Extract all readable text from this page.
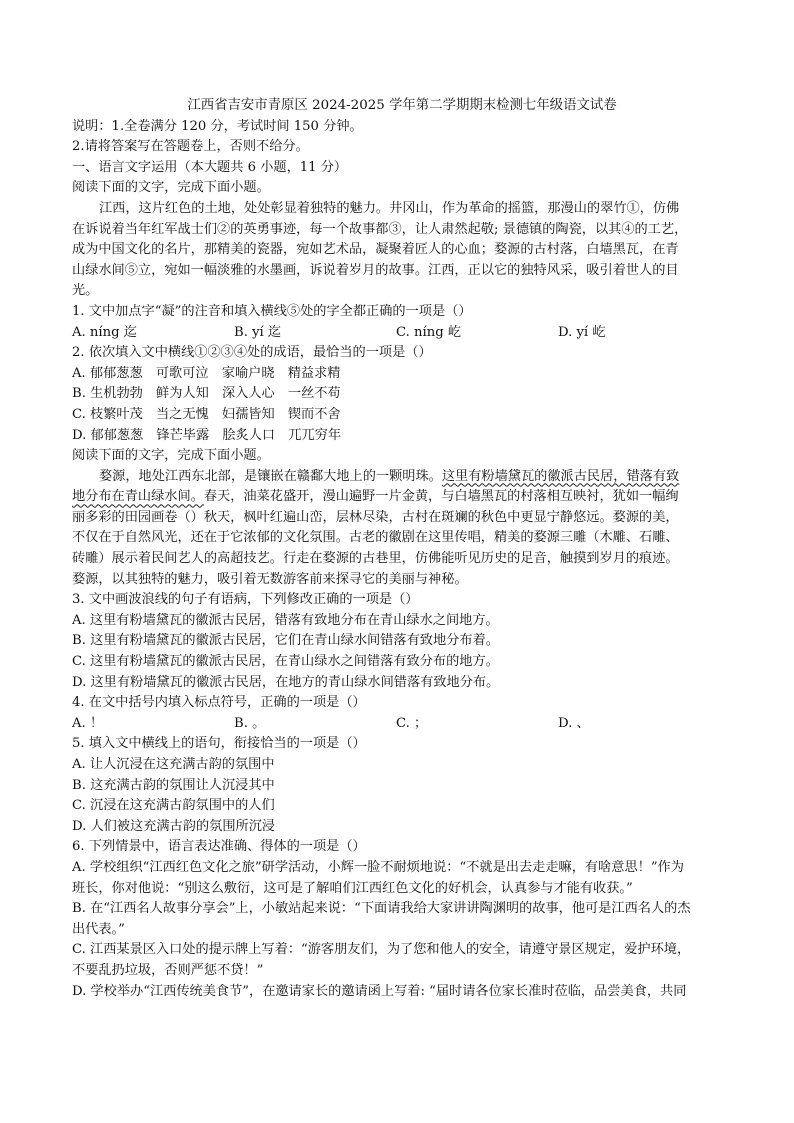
江西省吉安市青原区 2024-2025 学年第二学期期末检测七年级语文试卷
说明：1.全卷满分 120 分，考试时间 150 分钟。
2.请将答案写在答题卷上，否则不给分。
一、语言文字运用（本大题共 6 小题，11 分）
阅读下面的文字，完成下面小题。
江西，这片红色的土地，处处彰显着独特的魅力。井冈山，作为革命的摇篮，那漫山的翠竹①，仿佛
在诉说着当年红军战士们②的英勇事迹，每一个故事都③，让人肃然起敬; 景德镇的陶瓷，以其④的工艺，
成为中国文化的名片，那精美的瓷器，宛如艺术品，凝聚着匠人的心血；婺源的古村落，白墙黑瓦，在青
山绿水间⑤立，宛如一幅淡雅的水墨画，诉说着岁月的故事。江西，正以它的独特风采，吸引着世人的目
光。
1. 文中加点字“凝”的注音和填入横线⑤处的字全都正确的一项是（）
A. níng 迄	B. yí 迄	C. níng 屹	D. yí 屹
2. 依次填入文中横线①②③④处的成语，最恰当的一项是（）
A. 郁郁葱葱　可歌可泣　家喻户晓　精益求精
B. 生机勃勃　鲜为人知　深入人心　一丝不苟
C. 枝繁叶茂　当之无愧　妇孺皆知　锲而不舍
D. 郁郁葱葱　锋芒毕露　脍炙人口　兀兀穷年
阅读下面的文字，完成下面小题。
婺源，地处江西东北部，是镶嵌在赣鄱大地上的一颗明珠。这里有粉墙黛瓦的徽派古民居，错落有致
地分布在青山绿水间。春天，油菜花盛开，漫山遍野一片金黄，与白墙黑瓦的村落相互映衬，犹如一幅绚
丽多彩的田园画卷（）秋天，枫叶红遍山峦，层林尽染，古村在斑斓的秋色中更显宁静悠远。婺源的美，
不仅在于自然风光，还在于它浓郁的文化氛围。古老的徽剧在这里传唱，精美的婺源三雕（木雕、石雕、
砖雕）展示着民间艺人的高超技艺。行走在婺源的古巷里，仿佛能听见历史的足音，触摸到岁月的痕迹。
婺源，以其独特的魅力，吸引着无数游客前来探寻它的美丽与神秘。
3. 文中画波浪线的句子有语病，下列修改正确的一项是（）
A. 这里有粉墙黛瓦的徽派古民居，错落有致地分布在青山绿水之间地方。
B. 这里有粉墙黛瓦的徽派古民居，它们在青山绿水间错落有致地分布着。
C. 这里有粉墙黛瓦的徽派古民居，在青山绿水之间错落有致分布的地方。
D. 这里有粉墙黛瓦的徽派古民居，在地方的青山绿水间错落有致地分布。
4. 在文中括号内填入标点符号，正确的一项是（）
A. ！	B. 。	C. ；	D. 、
5. 填入文中横线上的语句，衔接恰当的一项是（）
A. 让人沉浸在这充满古韵的氛围中
B. 这充满古韵的氛围让人沉浸其中
C. 沉浸在这充满古韵氛围中的人们
D. 人们被这充满古韵的氛围所沉浸
6. 下列情景中，语言表达准确、得体的一项是（）
A. 学校组织“江西红色文化之旅”研学活动，小辉一脸不耐烦地说：“不就是出去走走嘛，有啥意思！”作为
班长，你对他说：“别这么敷衍，这可是了解咱们江西红色文化的好机会，认真参与才能有收获。”
B. 在“江西名人故事分享会”上，小敏站起来说：“下面请我给大家讲讲陶渊明的故事，他可是江西名人的杰
出代表。”
C. 江西某景区入口处的提示牌上写着：“游客朋友们，为了您和他人的安全，请遵守景区规定，爱护环境，
不要乱扔垃圾，否则严惩不贷！”
D. 学校举办“江西传统美食节”，在邀请家长的邀请函上写着: “届时请各位家长准时莅临，品尝美食，共同
